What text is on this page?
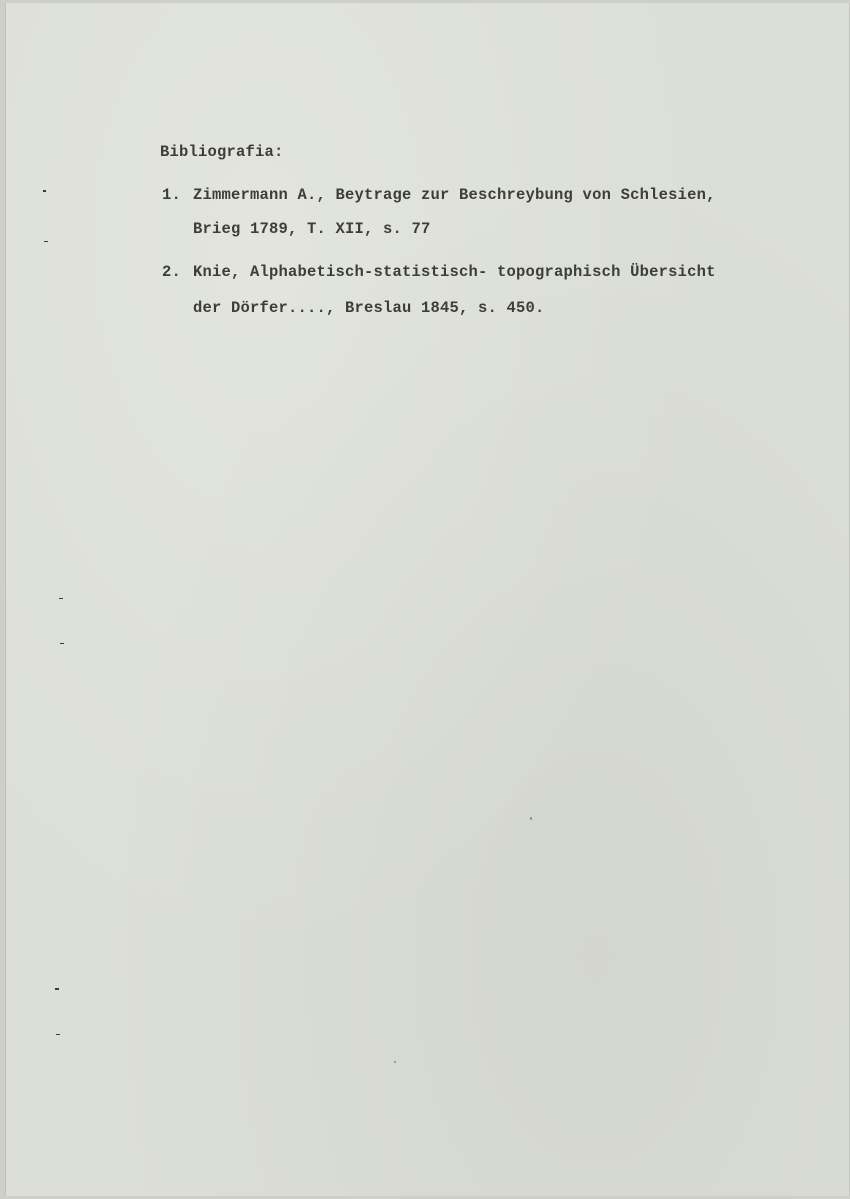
Bibliografia:

1. Zimmermann A., Beytrage zur Beschreybung von Schlesien,

Brieg 1789, T. XII, s. 77

2. Knie, Alphabetisch-statistisch- topographisch Übersicht

der Dörfer...., Breslau 1845, s. 450.
